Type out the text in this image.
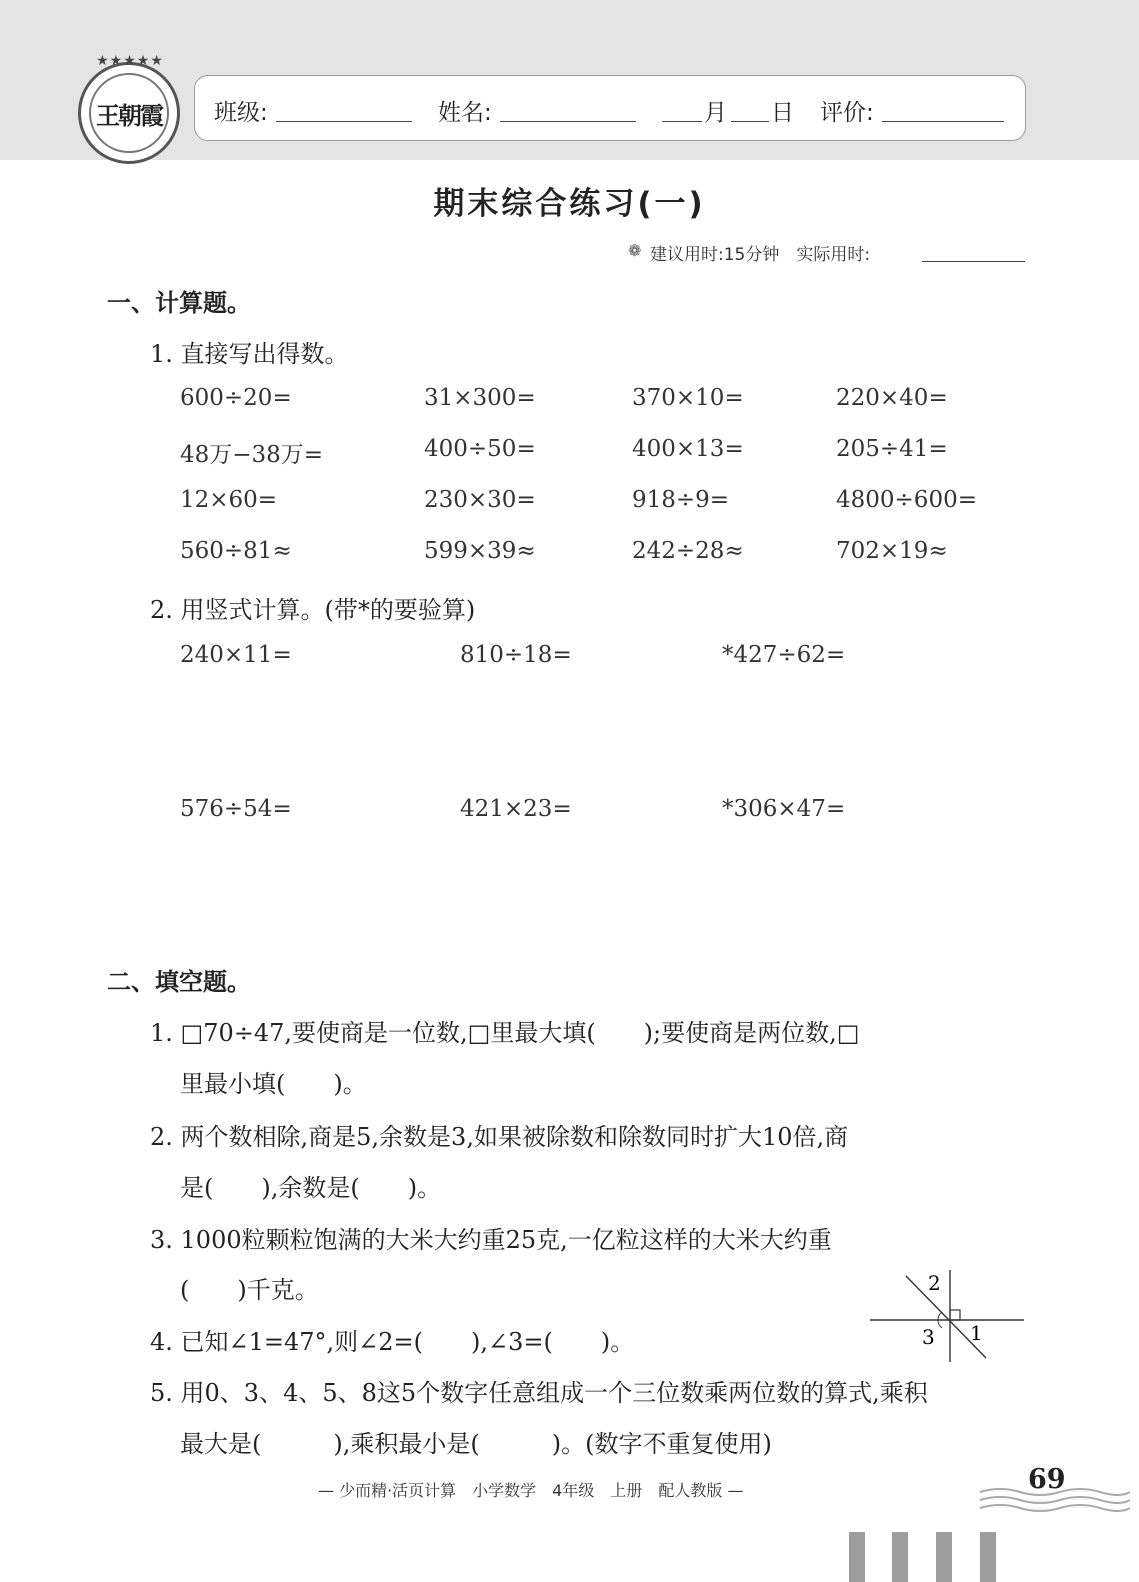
★★★★★
王朝霞	班级:	姓名:	月 日 评价:
期末综合练习(一)
❁ 建议用时:15分钟　实际用时:
一、计算题。
1. 直接写出得数。
600÷20=	31×300=	370×10=	220×40=
48万−38万=	400÷50=	400×13=	205÷41=
12×60=	230×30=	918÷9=	4800÷600=
560÷81≈	599×39≈	242÷28≈	702×19≈
2. 用竖式计算。(带*的要验算)
240×11=	810÷18=	*427÷62=
576÷54=	421×23=	*306×47=
二、填空题。
1. □70÷47,要使商是一位数,□里最大填(　　);要使商是两位数,□
里最小填(　　)。
2. 两个数相除,商是5,余数是3,如果被除数和除数同时扩大10倍,商
是(　　),余数是(　　)。
3. 1000粒颗粒饱满的大米大约重25克,一亿粒这样的大米大约重
(　　)千克。
4. 已知∠1=47°,则∠2=(　　),∠3=(　　)。
5. 用0、3、4、5、8这5个数字任意组成一个三位数乘两位数的算式,乘积
最大是(　　　),乘积最小是(　　　)。(数字不重复使用)
2
3 1
— 少而精·活页计算　小学数学　4年级　上册　配人教版 —	69
